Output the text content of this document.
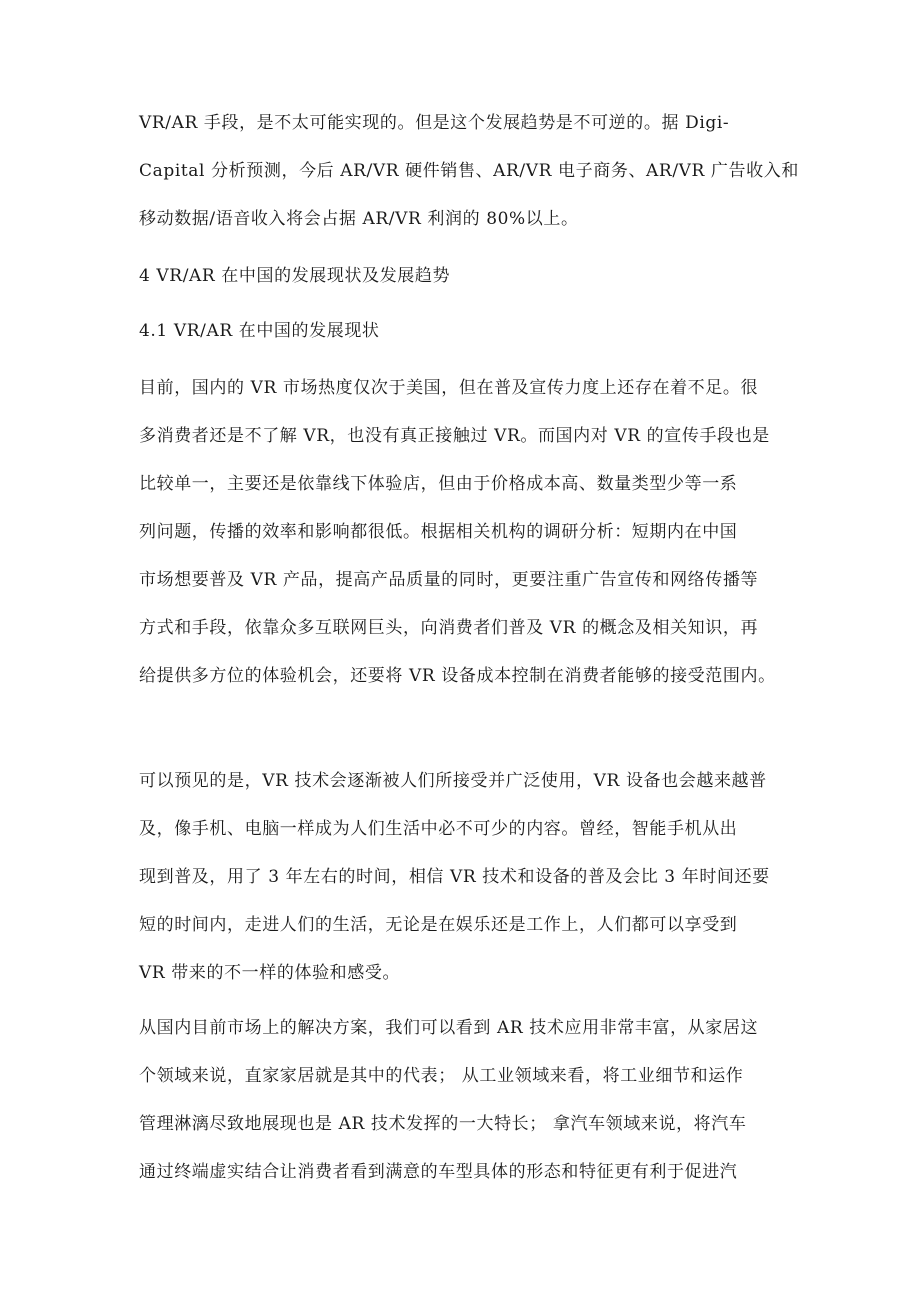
VR/AR 手段，是不太可能实现的。但是这个发展趋势是不可逆的。据 Digi-
Capital 分析预测，今后 AR/VR 硬件销售、AR/VR 电子商务、AR/VR 广告收入和
移动数据/语音收入将会占据 AR/VR 利润的 80%以上。
4 VR/AR 在中国的发展现状及发展趋势
4.1 VR/AR 在中国的发展现状
目前，国内的 VR 市场热度仅次于美国，但在普及宣传力度上还存在着不足。很
多消费者还是不了解 VR，也没有真正接触过 VR。而国内对 VR 的宣传手段也是
比较单一，主要还是依靠线下体验店，但由于价格成本高、数量类型少等一系
列问题，传播的效率和影响都很低。根据相关机构的调研分析：短期内在中国
市场想要普及 VR 产品，提高产品质量的同时，更要注重广告宣传和网络传播等
方式和手段，依靠众多互联网巨头，向消费者们普及 VR 的概念及相关知识，再
给提供多方位的体验机会，还要将 VR 设备成本控制在消费者能够的接受范围内。
可以预见的是，VR 技术会逐渐被人们所接受并广泛使用，VR 设备也会越来越普
及，像手机、电脑一样成为人们生活中必不可少的内容。曾经，智能手机从出
现到普及，用了 3 年左右的时间，相信 VR 技术和设备的普及会比 3 年时间还要
短的时间内，走进人们的生活，无论是在娱乐还是工作上，人们都可以享受到
VR 带来的不一样的体验和感受。
从国内目前市场上的解决方案，我们可以看到 AR 技术应用非常丰富，从家居这
个领域来说，直家家居就是其中的代表； 从工业领域来看，将工业细节和运作
管理淋漓尽致地展现也是 AR 技术发挥的一大特长； 拿汽车领域来说，将汽车
通过终端虚实结合让消费者看到满意的车型具体的形态和特征更有利于促进汽
